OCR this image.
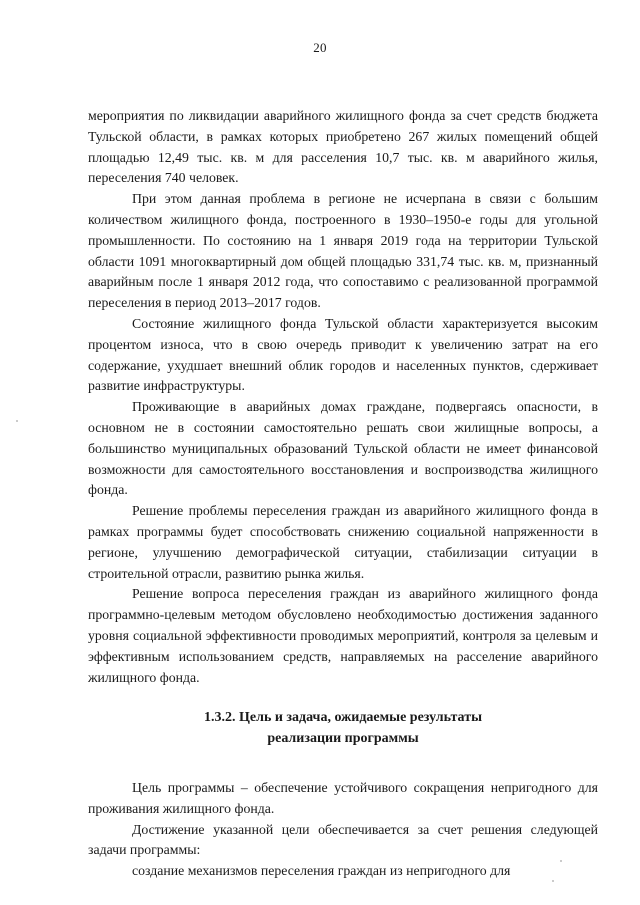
20

мероприятия по ликвидации аварийного жилищного фонда за счет средств бюджета Тульской области, в рамках которых приобретено 267 жилых помещений общей площадью 12,49 тыс. кв. м для расселения 10,7 тыс. кв. м аварийного жилья, переселения 740 человек.

При этом данная проблема в регионе не исчерпана в связи с большим количеством жилищного фонда, построенного в 1930–1950-е годы для угольной промышленности. По состоянию на 1 января 2019 года на территории Тульской области 1091 многоквартирный дом общей площадью 331,74 тыс. кв. м, признанный аварийным после 1 января 2012 года, что сопоставимо с реализованной программой переселения в период 2013–2017 годов.

Состояние жилищного фонда Тульской области характеризуется высоким процентом износа, что в свою очередь приводит к увеличению затрат на его содержание, ухудшает внешний облик городов и населенных пунктов, сдерживает развитие инфраструктуры.

Проживающие в аварийных домах граждане, подвергаясь опасности, в основном не в состоянии самостоятельно решать свои жилищные вопросы, а большинство муниципальных образований Тульской области не имеет финансовой возможности для самостоятельного восстановления и воспроизводства жилищного фонда.

Решение проблемы переселения граждан из аварийного жилищного фонда в рамках программы будет способствовать снижению социальной напряженности в регионе, улучшению демографической ситуации, стабилизации ситуации в строительной отрасли, развитию рынка жилья.

Решение вопроса переселения граждан из аварийного жилищного фонда программно-целевым методом обусловлено необходимостью достижения заданного уровня социальной эффективности проводимых мероприятий, контроля за целевым и эффективным использованием средств, направляемых на расселение аварийного жилищного фонда.

1.3.2. Цель и задача, ожидаемые результаты
реализации программы

Цель программы – обеспечение устойчивого сокращения непригодного для проживания жилищного фонда.

Достижение указанной цели обеспечивается за счет решения следующей задачи программы:

создание механизмов переселения граждан из непригодного для
